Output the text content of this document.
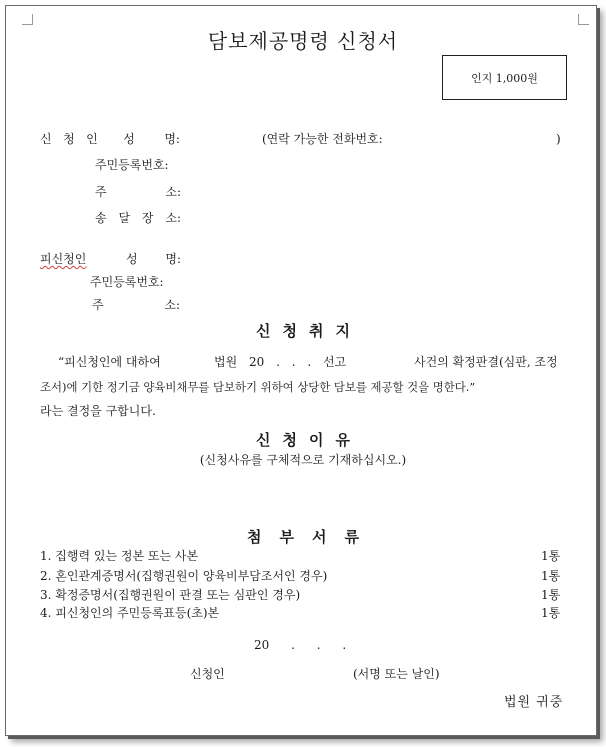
담보제공명령 신청서
인지 1,000원
신 청 인 성 명:	(연락 가능한 전화번호:	)
주민등록번호:
주	소:
송 달 장 소:
피신청인	성 명:
주민등록번호:
주	소:
신청취지
“피신청인에 대하여	법원 20 . . . 선고	사건의 확정판결(심판, 조정
조서)에 기한 정기금 양육비채무를 담보하기 위하여 상당한 담보를 제공할 것을 명한다.”
라는 결정을 구합니다.
신청이유
(신청사유를 구체적으로 기재하십시오.)
첨부서류
1. 집행력 있는 정본 또는 사본	1통
2. 혼인관계증명서(집행권원이 양육비부담조서인 경우)	1통
3. 확정증명서(집행권원이 판결 또는 심판인 경우)	1통
4. 피신청인의 주민등록표등(초)본	1통
20 . . .
신청인	(서명 또는 날인)
법원 귀중
